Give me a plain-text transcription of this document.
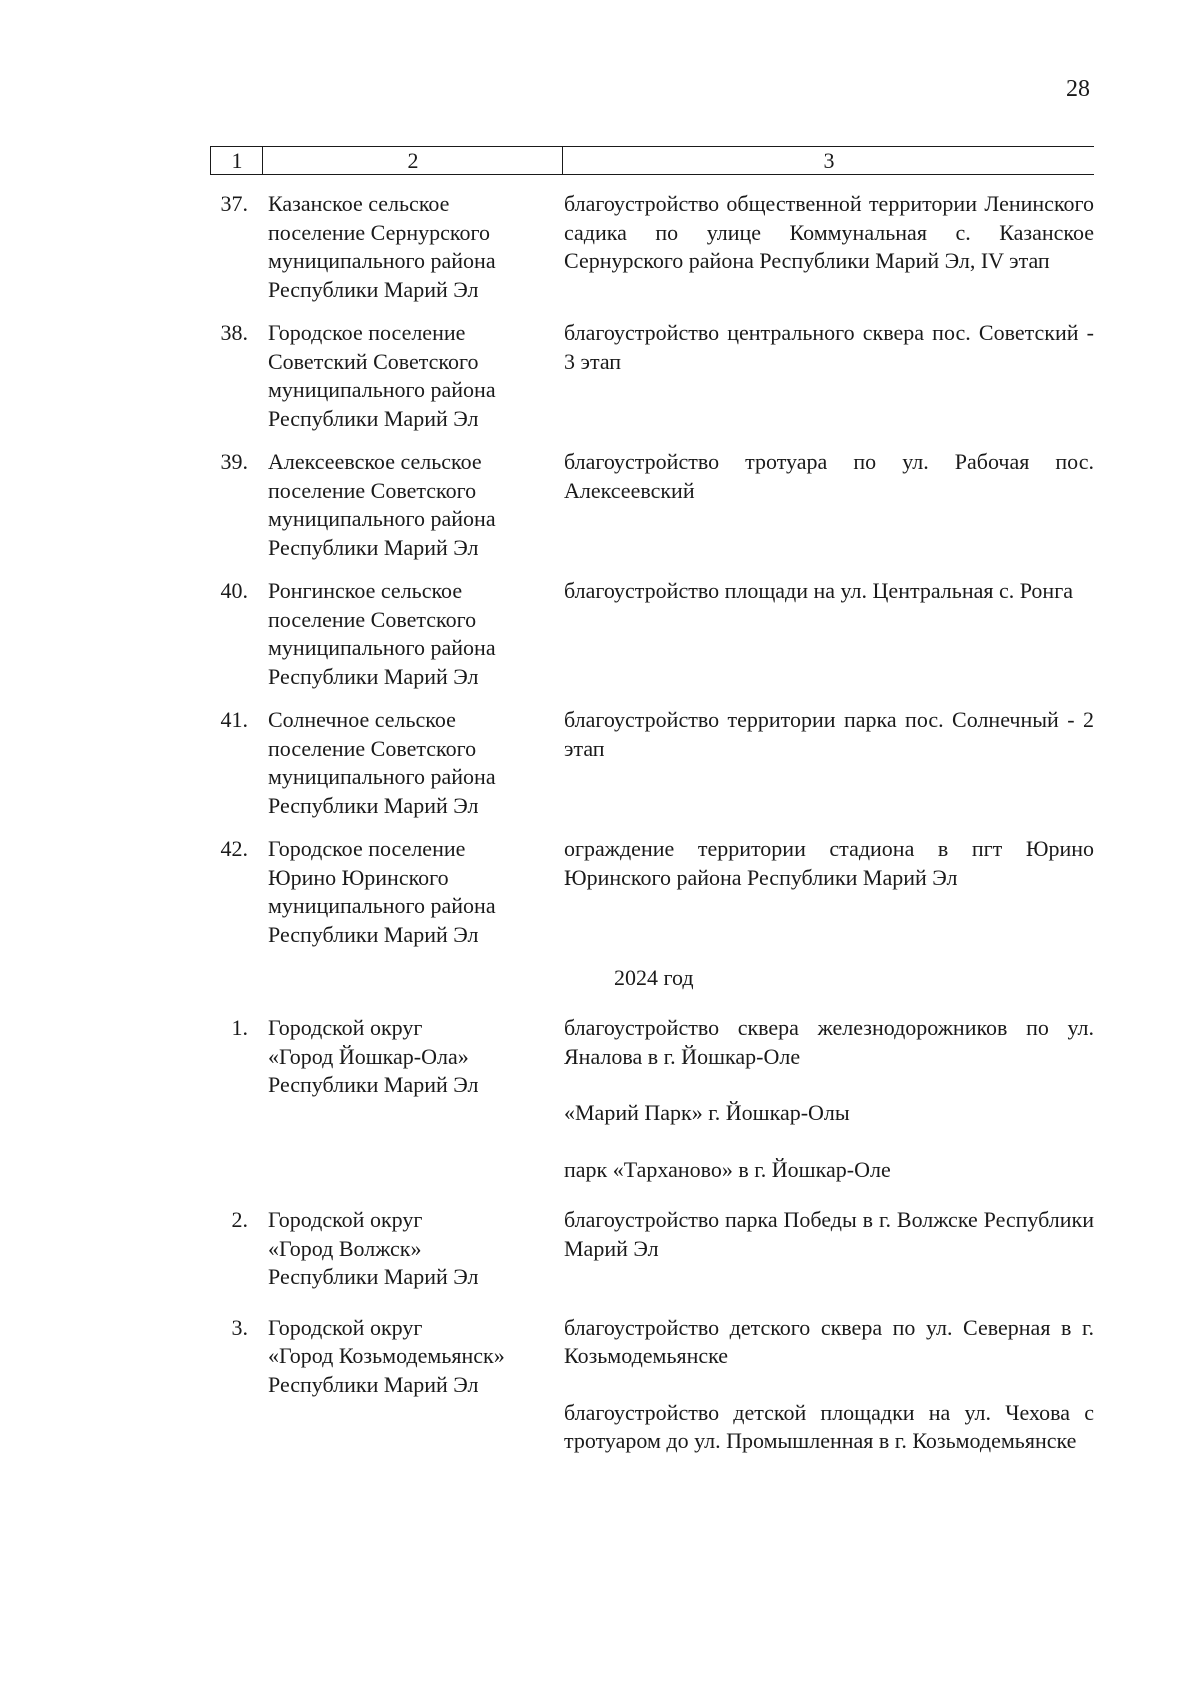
28
1	2	3
37. Казанское сельское
поселение Сернурского
муниципального района
Республики Марий Эл

благоустройство общественной территории Ленинского садика по улице Коммунальная с. Казанское Сернурского района Республики Марий Эл, IV этап

38. Городское поселение
Советский Советского
муниципального района
Республики Марий Эл

благоустройство центрального сквера пос. Советский - 3 этап

39. Алексеевское сельское
поселение Советского
муниципального района
Республики Марий Эл

благоустройство тротуара по ул. Рабочая пос. Алексеевский

40. Ронгинское сельское
поселение Советского
муниципального района
Республики Марий Эл

благоустройство площади на ул. Центральная с. Ронга

41. Солнечное сельское
поселение Советского
муниципального района
Республики Марий Эл

благоустройство территории парка пос. Солнечный - 2 этап

42. Городское поселение
Юрино Юринского
муниципального района
Республики Марий Эл

ограждение территории стадиона в пгт Юрино Юринского района Республики Марий Эл

2024 год
1. Городской округ
«Город Йошкар-Ола»
Республики Марий Эл

благоустройство сквера железнодорожников по ул. Яналова в г. Йошкар-Оле

«Марий Парк» г. Йошкар-Олы

парк «Тарханово» в г. Йошкар-Оле

2. Городской округ
«Город Волжск»
Республики Марий Эл

благоустройство парка Победы в г. Волжске Республики Марий Эл

3. Городской округ
«Город Козьмодемьянск»
Республики Марий Эл

благоустройство детского сквера по ул. Северная в г. Козьмодемьянске

благоустройство детской площадки на ул. Чехова с тротуаром до ул. Промышленная в г. Козьмодемьянске
